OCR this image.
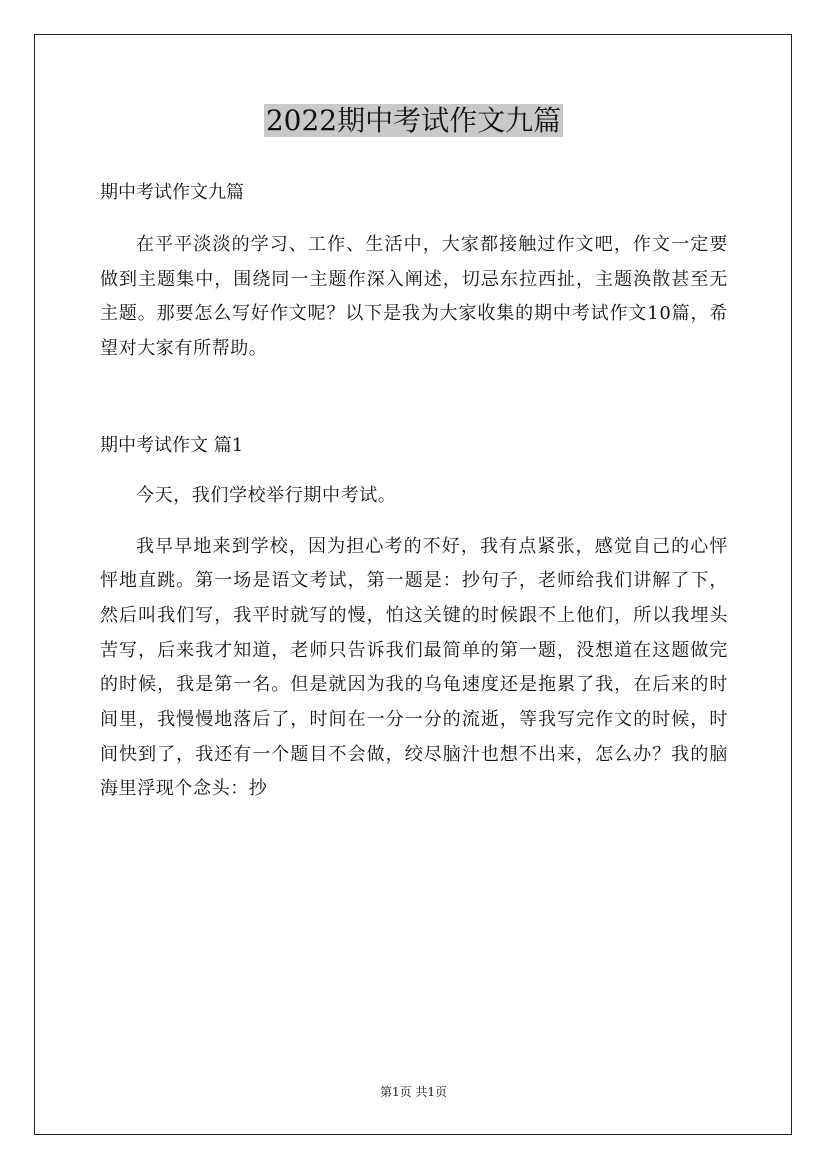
2022期中考试作文九篇

期中考试作文九篇

在平平淡淡的学习、工作、生活中，大家都接触过作文吧，作文一定要做到主题集中，围绕同一主题作深入阐述，切忌东拉西扯，主题涣散甚至无主题。那要怎么写好作文呢？以下是我为大家收集的期中考试作文10篇，希望对大家有所帮助。

期中考试作文 篇1

今天，我们学校举行期中考试。

我早早地来到学校，因为担心考的不好，我有点紧张，感觉自己的心怦怦地直跳。第一场是语文考试，第一题是：抄句子，老师给我们讲解了下，然后叫我们写，我平时就写的慢，怕这关键的时候跟不上他们，所以我埋头苦写，后来我才知道，老师只告诉我们最简单的第一题，没想道在这题做完的时候，我是第一名。但是就因为我的乌龟速度还是拖累了我，在后来的时间里，我慢慢地落后了，时间在一分一分的流逝，等我写完作文的时候，时间快到了，我还有一个题目不会做，绞尽脑汁也想不出来，怎么办？我的脑海里浮现个念头：抄

第1页 共1页
